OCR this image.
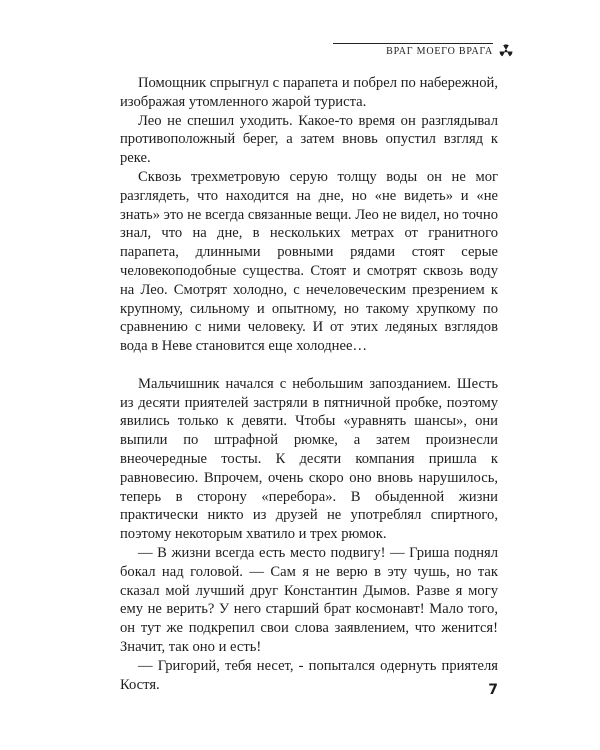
ВРАГ МОЕГО ВРАГА

Помощник спрыгнул с парапета и побрел по набережной, изображая утомленного жарой туриста.

Лео не спешил уходить. Какое-то время он разглядывал противоположный берег, а затем вновь опустил взгляд к реке.

Сквозь трехметровую серую толщу воды он не мог разглядеть, что находится на дне, но «не видеть» и «не знать» это не всегда связанные вещи. Лео не видел, но точно знал, что на дне, в нескольких метрах от гранитного парапета, длинными ровными рядами стоят серые человекоподобные существа. Стоят и смотрят сквозь воду на Лео. Смотрят холодно, с нечеловеческим презрением к крупному, сильному и опытному, но такому хрупкому по сравнению с ними человеку. И от этих ледяных взглядов вода в Неве становится еще холоднее…

Мальчишник начался с небольшим запозданием. Шесть из десяти приятелей застряли в пятничной пробке, поэтому явились только к девяти. Чтобы «уравнять шансы», они выпили по штрафной рюмке, а затем произнесли внеочередные тосты. К десяти компания пришла к равновесию. Впрочем, очень скоро оно вновь нарушилось, теперь в сторону «перебора». В обыденной жизни практически никто из друзей не употреблял спиртного, поэтому некоторым хватило и трех рюмок.

— В жизни всегда есть место подвигу! — Гриша поднял бокал над головой. — Сам я не верю в эту чушь, но так сказал мой лучший друг Константин Дымов. Разве я могу ему не верить? У него старший брат космонавт! Мало того, он тут же подкрепил свои слова заявлением, что женится! Значит, так оно и есть!

— Григорий, тебя несет, - попытался одернуть приятеля Костя.	7
